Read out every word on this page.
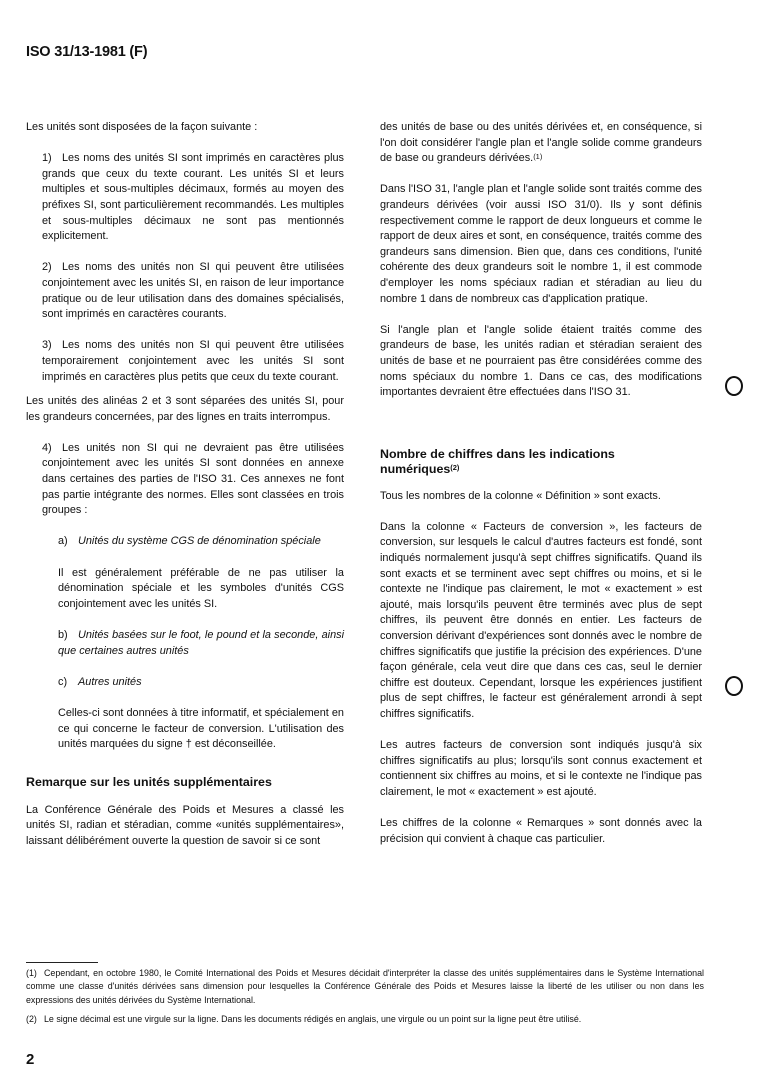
ISO 31/13-1981 (F)

Les unités sont disposées de la façon suivante :

1) Les noms des unités SI sont imprimés en caractères plus grands que ceux du texte courant. Les unités SI et leurs multiples et sous-multiples décimaux, formés au moyen des préfixes SI, sont particulièrement recommandés. Les multiples et sous-multiples décimaux ne sont pas mentionnés explicitement.

2) Les noms des unités non SI qui peuvent être utilisées conjointement avec les unités SI, en raison de leur importance pratique ou de leur utilisation dans des domaines spécialisés, sont imprimés en caractères courants.

3) Les noms des unités non SI qui peuvent être utilisées temporairement conjointement avec les unités SI sont imprimés en caractères plus petits que ceux du texte courant.

Les unités des alinéas 2 et 3 sont séparées des unités SI, pour les grandeurs concernées, par des lignes en traits interrompus.

4) Les unités non SI qui ne devraient pas être utilisées conjointement avec les unités SI sont données en annexe dans certaines des parties de l'ISO 31. Ces annexes ne font pas partie intégrante des normes. Elles sont classées en trois groupes :

a) Unités du système CGS de dénomination spéciale

Il est généralement préférable de ne pas utiliser la dénomination spéciale et les symboles d'unités CGS conjointement avec les unités SI.

b) Unités basées sur le foot, le pound et la seconde, ainsi que certaines autres unités

c) Autres unités

Celles-ci sont données à titre informatif, et spécialement en ce qui concerne le facteur de conversion. L'utilisation des unités marquées du signe † est déconseillée.

Remarque sur les unités supplémentaires

La Conférence Générale des Poids et Mesures a classé les unités SI, radian et stéradian, comme «unités supplémentaires», laissant délibérément ouverte la question de savoir si ce sont

des unités de base ou des unités dérivées et, en conséquence, si l'on doit considérer l'angle plan et l'angle solide comme grandeurs de base ou grandeurs dérivées.$^{(1)}$

Dans l'ISO 31, l'angle plan et l'angle solide sont traités comme des grandeurs dérivées (voir aussi ISO 31/0). Ils y sont définis respectivement comme le rapport de deux longueurs et comme le rapport de deux aires et sont, en conséquence, traités comme des grandeurs sans dimension. Bien que, dans ces conditions, l'unité cohérente des deux grandeurs soit le nombre 1, il est commode d'employer les noms spéciaux radian et stéradian au lieu du nombre 1 dans de nombreux cas d'application pratique.

Si l'angle plan et l'angle solide étaient traités comme des grandeurs de base, les unités radian et stéradian seraient des unités de base et ne pourraient pas être considérées comme des noms spéciaux du nombre 1. Dans ce cas, des modifications importantes devraient être effectuées dans l'ISO 31.

Nombre de chiffres dans les indications numériques$^{(2)}$

Tous les nombres de la colonne « Définition » sont exacts.

Dans la colonne « Facteurs de conversion », les facteurs de conversion, sur lesquels le calcul d'autres facteurs est fondé, sont indiqués normalement jusqu'à sept chiffres significatifs. Quand ils sont exacts et se terminent avec sept chiffres ou moins, et si le contexte ne l'indique pas clairement, le mot « exactement » est ajouté, mais lorsqu'ils peuvent être terminés avec plus de sept chiffres, ils peuvent être donnés en entier. Les facteurs de conversion dérivant d'expériences sont donnés avec le nombre de chiffres significatifs que justifie la précision des expériences. D'une façon générale, cela veut dire que dans ces cas, seul le dernier chiffre est douteux. Cependant, lorsque les expériences justifient plus de sept chiffres, le facteur est généralement arrondi à sept chiffres significatifs.

Les autres facteurs de conversion sont indiqués jusqu'à six chiffres significatifs au plus; lorsqu'ils sont connus exactement et contiennent six chiffres au moins, et si le contexte ne l'indique pas clairement, le mot « exactement » est ajouté.

Les chiffres de la colonne « Remarques » sont donnés avec la précision qui convient à chaque cas particulier.

(1) Cependant, en octobre 1980, le Comité International des Poids et Mesures décidait d'interpréter la classe des unités supplémentaires dans le Système International comme une classe d'unités dérivées sans dimension pour lesquelles la Conférence Générale des Poids et Mesures laisse la liberté de les utiliser ou non dans les expressions des unités dérivées du Système International.

(2) Le signe décimal est une virgule sur la ligne. Dans les documents rédigés en anglais, une virgule ou un point sur la ligne peut être utilisé.

2
